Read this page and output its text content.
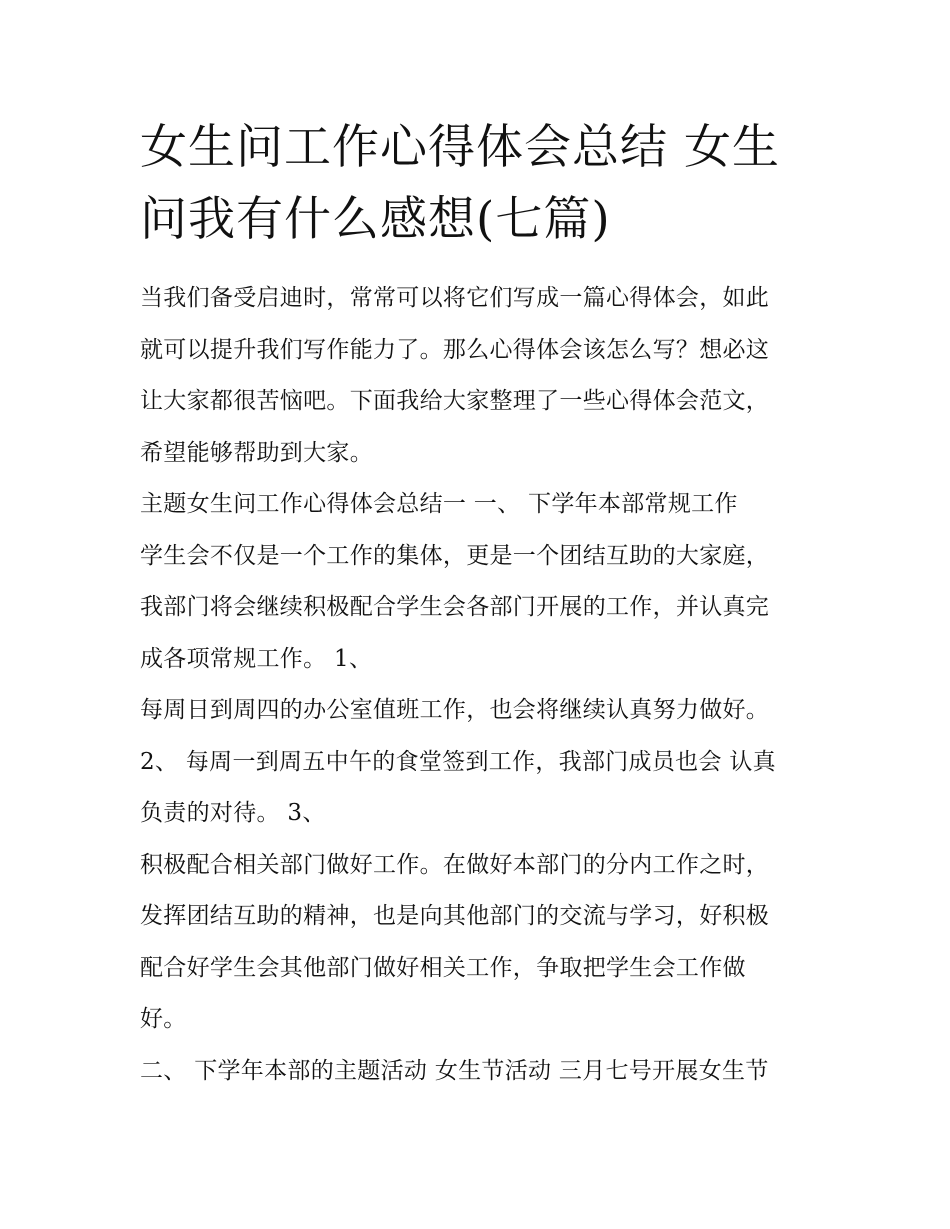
女生问工作心得体会总结 女生
问我有什么感想(七篇)

当我们备受启迪时，常常可以将它们写成一篇心得体会，如此
就可以提升我们写作能力了。那么心得体会该怎么写？想必这
让大家都很苦恼吧。下面我给大家整理了一些心得体会范文，
希望能够帮助到大家。

主题女生问工作心得体会总结一 一、 下学年本部常规工作
学生会不仅是一个工作的集体，更是一个团结互助的大家庭，
我部门将会继续积极配合学生会各部门开展的工作，并认真完
成各项常规工作。 1、
每周日到周四的办公室值班工作，也会将继续认真努力做好。
2、 每周一到周五中午的食堂签到工作，我部门成员也会 认真
负责的对待。 3、
积极配合相关部门做好工作。在做好本部门的分内工作之时，
发挥团结互助的精神，也是向其他部门的交流与学习，好积极
配合好学生会其他部门做好相关工作，争取把学生会工作做
好。

二、 下学年本部的主题活动 女生节活动 三月七号开展女生节
